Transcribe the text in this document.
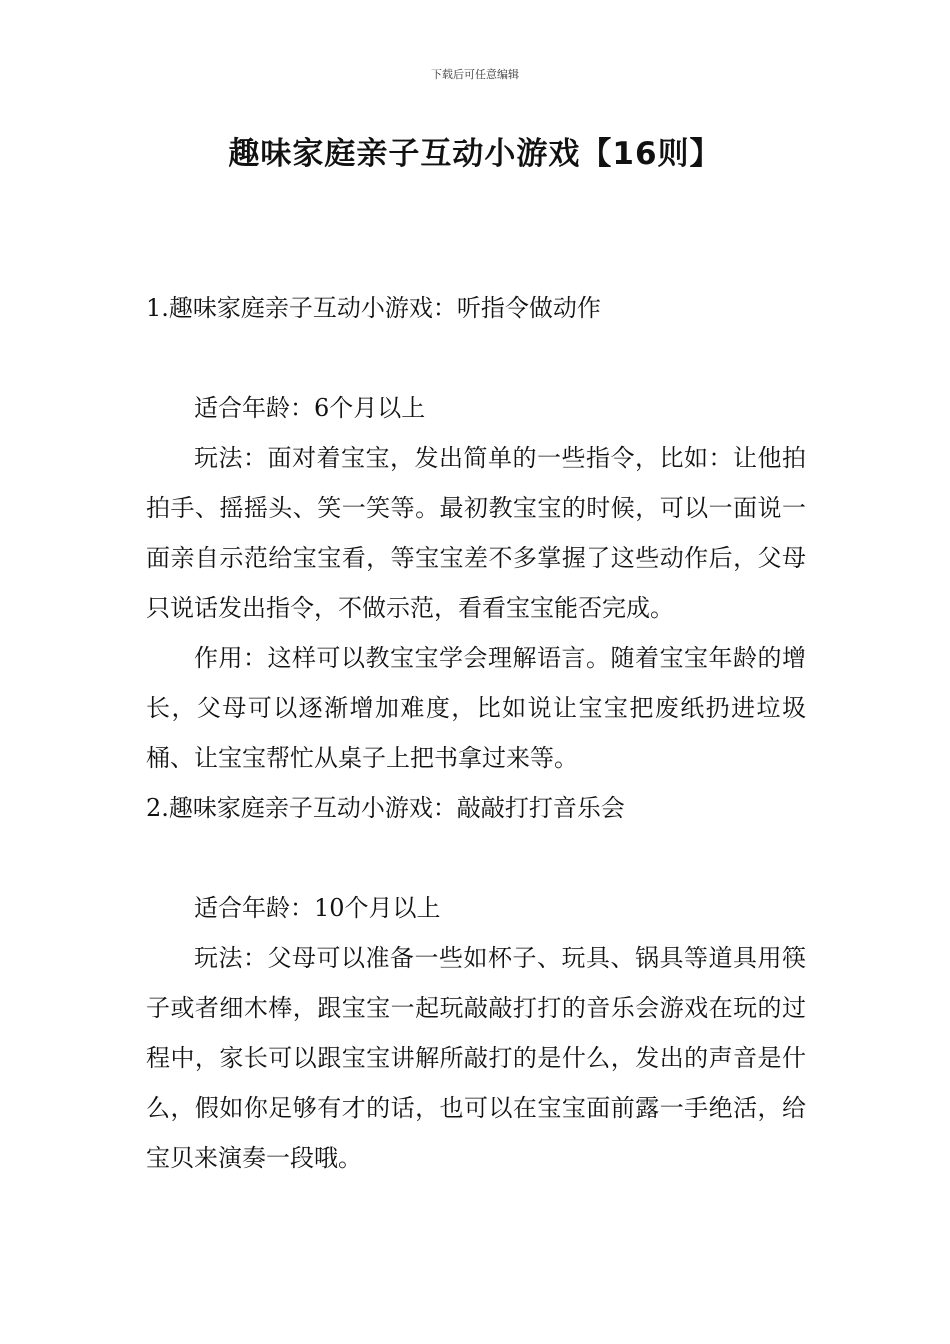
下载后可任意编辑
趣味家庭亲子互动小游戏【16则】

1.趣味家庭亲子互动小游戏：听指令做动作

适合年龄：6个月以上

玩法：面对着宝宝，发出简单的一些指令，比如：让他拍拍手、摇摇头、笑一笑等。最初教宝宝的时候，可以一面说一面亲自示范给宝宝看，等宝宝差不多掌握了这些动作后，父母只说话发出指令，不做示范，看看宝宝能否完成。

作用：这样可以教宝宝学会理解语言。随着宝宝年龄的增长，父母可以逐渐增加难度，比如说让宝宝把废纸扔进垃圾桶、让宝宝帮忙从桌子上把书拿过来等。

2.趣味家庭亲子互动小游戏：敲敲打打音乐会

适合年龄：10个月以上

玩法：父母可以准备一些如杯子、玩具、锅具等道具用筷子或者细木棒，跟宝宝一起玩敲敲打打的音乐会游戏在玩的过程中，家长可以跟宝宝讲解所敲打的是什么，发出的声音是什么，假如你足够有才的话，也可以在宝宝面前露一手绝活，给宝贝来演奏一段哦。
